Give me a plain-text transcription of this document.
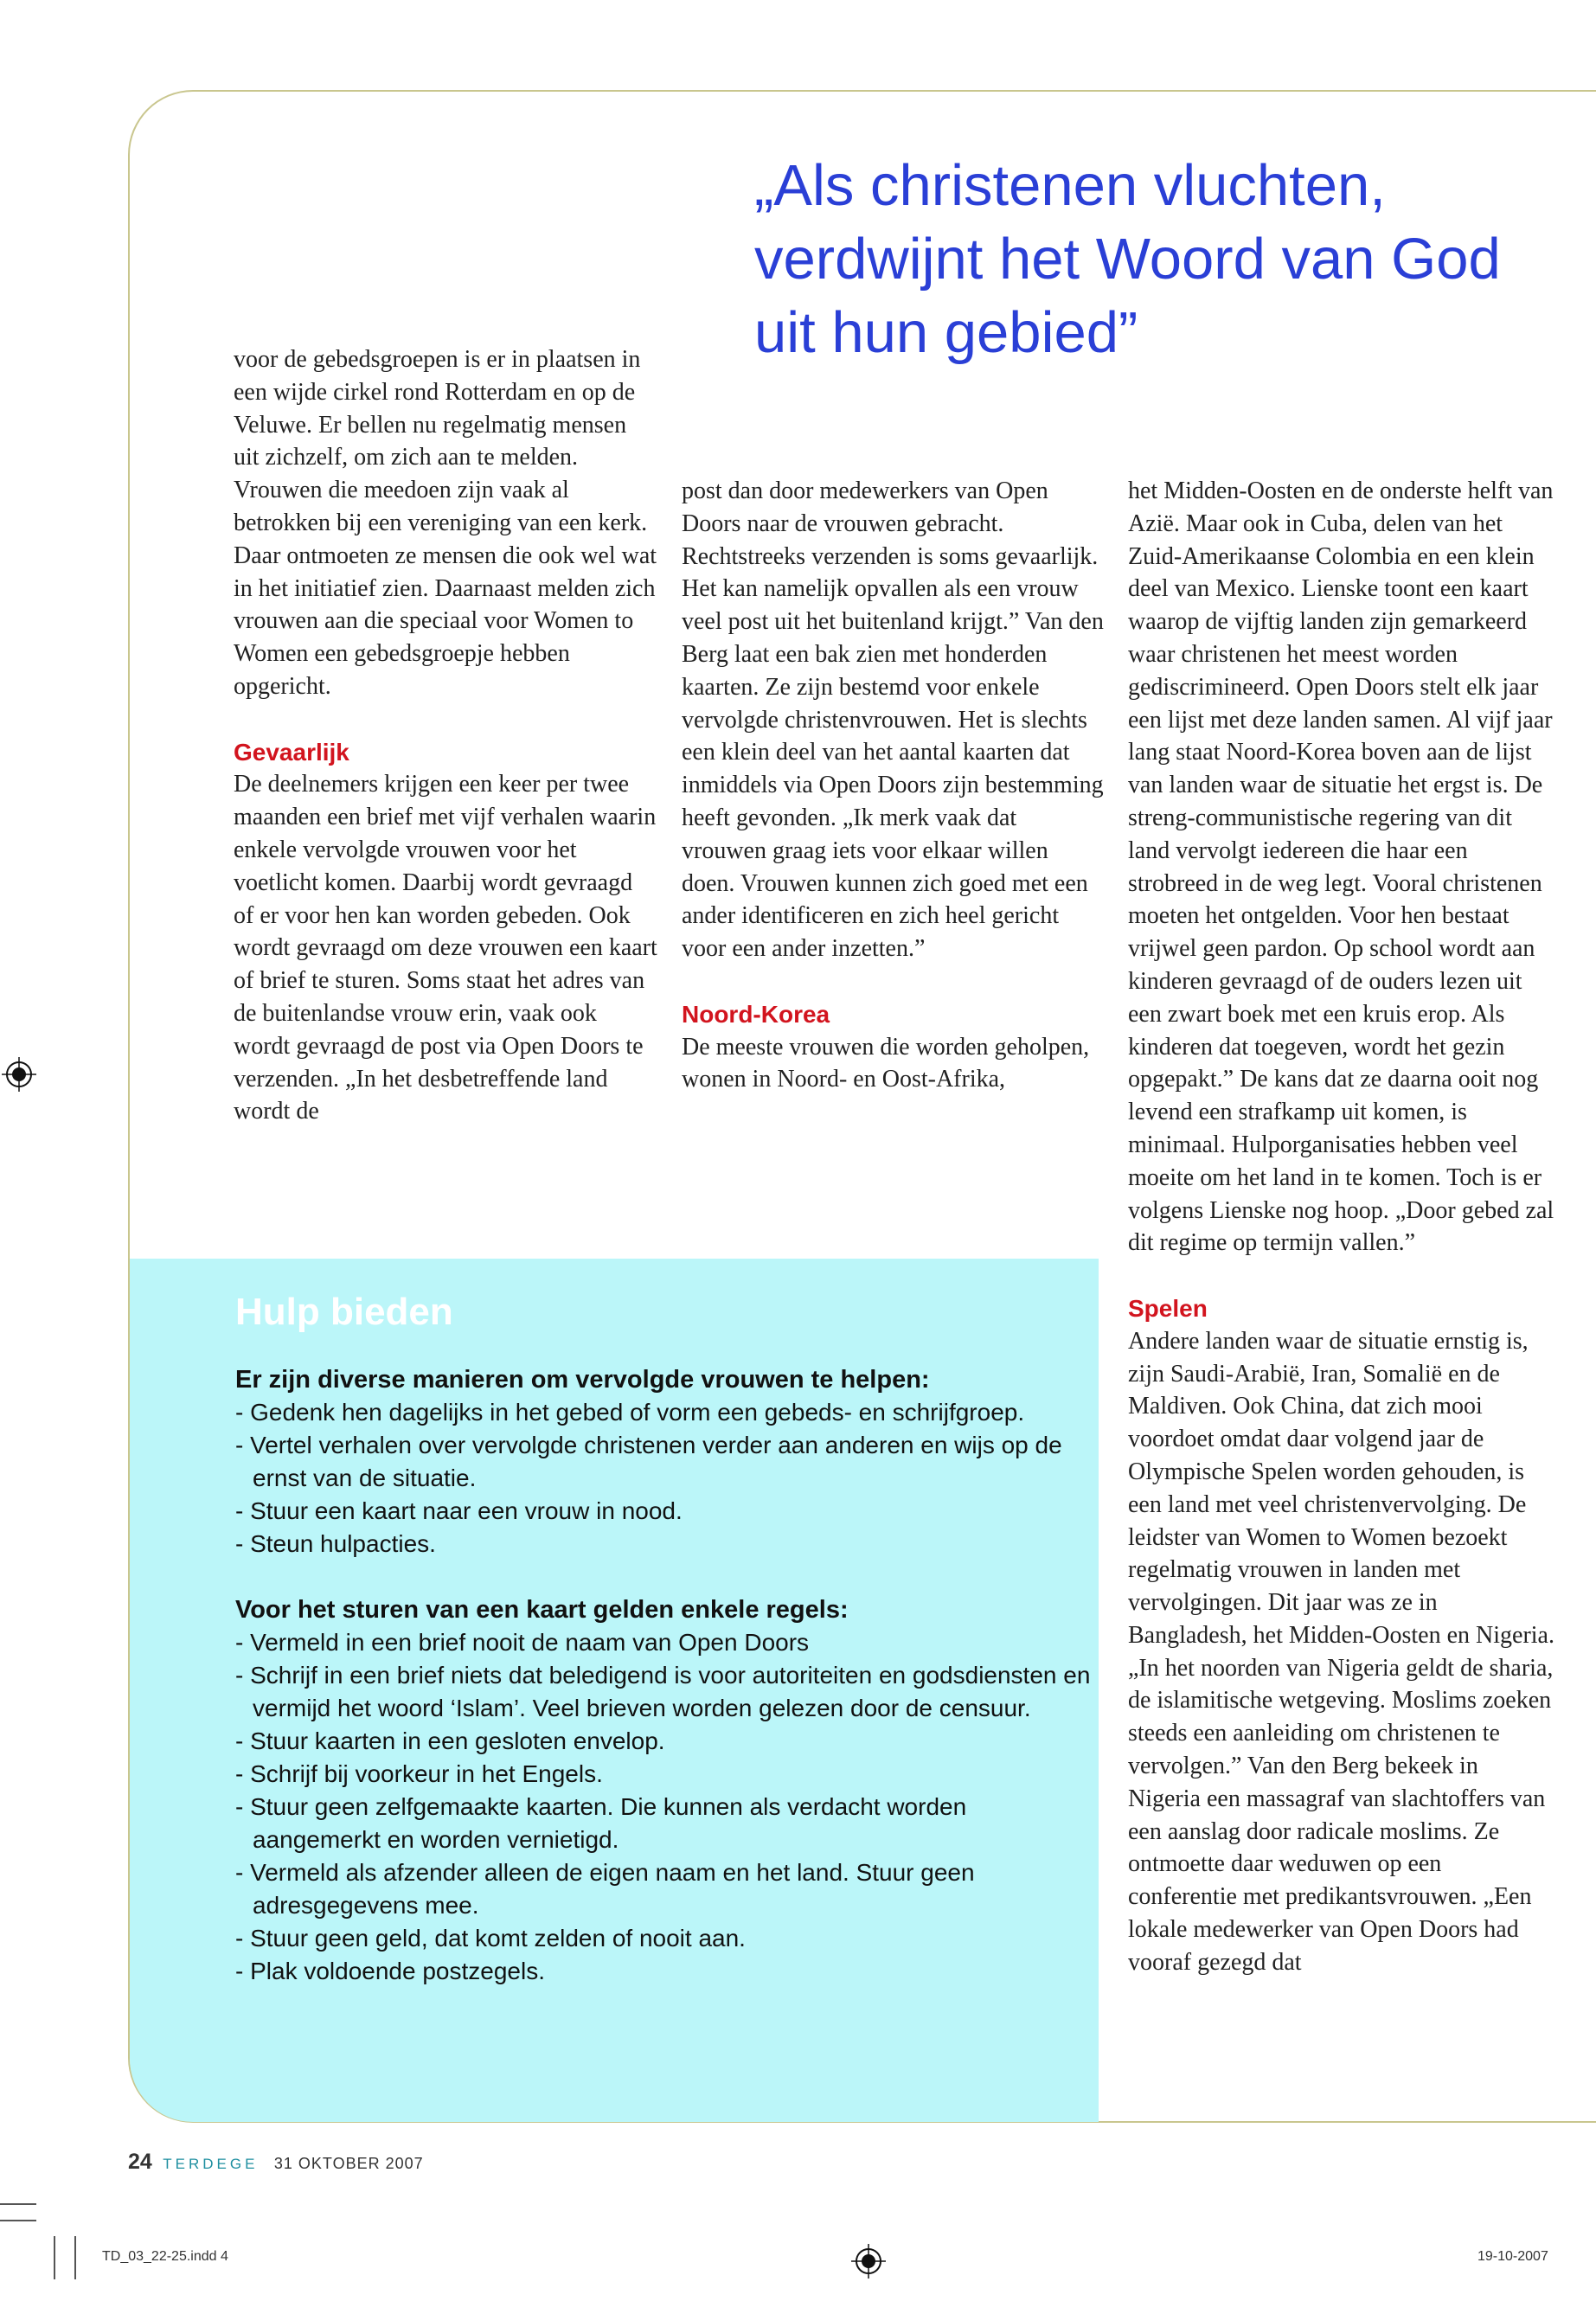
„Als christenen vluchten,
verdwijnt het Woord van God
uit hun gebied”

voor de gebedsgroepen is er in plaatsen in een wijde cirkel rond Rotterdam en op de Veluwe. Er bellen nu regelmatig mensen uit zichzelf, om zich aan te melden. Vrouwen die meedoen zijn vaak al betrokken bij een vereniging van een kerk. Daar ontmoeten ze mensen die ook wel wat in het initiatief zien. Daarnaast melden zich vrouwen aan die speciaal voor Women to Women een gebedsgroepje hebben opgericht.

Gevaarlijk

De deelnemers krijgen een keer per twee maanden een brief met vijf verhalen waarin enkele vervolgde vrouwen voor het voetlicht komen. Daarbij wordt gevraagd of er voor hen kan worden gebeden. Ook wordt gevraagd om deze vrouwen een kaart of brief te sturen. Soms staat het adres van de buitenlandse vrouw erin, vaak ook wordt gevraagd de post via Open Doors te verzenden. „In het desbetreffende land wordt de

post dan door medewerkers van Open Doors naar de vrouwen gebracht. Rechtstreeks verzenden is soms gevaarlijk. Het kan namelijk opvallen als een vrouw veel post uit het buitenland krijgt.” Van den Berg laat een bak zien met honderden kaarten. Ze zijn bestemd voor enkele vervolgde christenvrouwen. Het is slechts een klein deel van het aantal kaarten dat inmiddels via Open Doors zijn bestemming heeft gevonden. „Ik merk vaak dat vrouwen graag iets voor elkaar willen doen. Vrouwen kunnen zich goed met een ander identificeren en zich heel gericht voor een ander inzetten.”

Noord-Korea

De meeste vrouwen die worden geholpen, wonen in Noord- en Oost-Afrika,

het Midden-Oosten en de onderste helft van Azië. Maar ook in Cuba, delen van het Zuid-Amerikaanse Colombia en een klein deel van Mexico. Lienske toont een kaart waarop de vijftig landen zijn gemarkeerd waar christenen het meest worden gediscrimineerd. Open Doors stelt elk jaar een lijst met deze landen samen. Al vijf jaar lang staat Noord-Korea boven aan de lijst van landen waar de situatie het ergst is. De streng-communistische regering van dit land vervolgt iedereen die haar een strobreed in de weg legt. Vooral christenen moeten het ontgelden. Voor hen bestaat vrijwel geen pardon. Op school wordt aan kinderen gevraagd of de ouders lezen uit een zwart boek met een kruis erop. Als kinderen dat toegeven, wordt het gezin opgepakt.” De kans dat ze daarna ooit nog levend een strafkamp uit komen, is minimaal. Hulporganisaties hebben veel moeite om het land in te komen. Toch is er volgens Lienske nog hoop. „Door gebed zal dit regime op termijn vallen.”

Spelen

Andere landen waar de situatie ernstig is, zijn Saudi-Arabië, Iran, Somalië en de Maldiven. Ook China, dat zich mooi voordoet omdat daar volgend jaar de Olympische Spelen worden gehouden, is een land met veel christenvervolging. De leidster van Women to Women bezoekt regelmatig vrouwen in landen met vervolgingen. Dit jaar was ze in Bangladesh, het Midden-Oosten en Nigeria. „In het noorden van Nigeria geldt de sharia, de islamitische wetgeving. Moslims zoeken steeds een aanleiding om christenen te vervolgen.” Van den Berg bekeek in Nigeria een massagraf van slachtoffers van een aanslag door radicale moslims. Ze ontmoette daar weduwen op een conferentie met predikantsvrouwen. „Een lokale medewerker van Open Doors had vooraf gezegd dat

Hulp bieden
Er zijn diverse manieren om vervolgde vrouwen te helpen:
- Gedenk hen dagelijks in het gebed of vorm een gebeds- en schrijfgroep.
- Vertel verhalen over vervolgde christenen verder aan anderen en wijs op de ernst van de situatie.
- Stuur een kaart naar een vrouw in nood.
- Steun hulpacties.
Voor het sturen van een kaart gelden enkele regels:
- Vermeld in een brief nooit de naam van Open Doors
- Schrijf in een brief niets dat beledigend is voor autoriteiten en godsdiensten en vermijd het woord ‘Islam’. Veel brieven worden gelezen door de censuur.
- Stuur kaarten in een gesloten envelop.
- Schrijf bij voorkeur in het Engels.
- Stuur geen zelfgemaakte kaarten. Die kunnen als verdacht worden aangemerkt en worden vernietigd.
- Vermeld als afzender alleen de eigen naam en het land. Stuur geen adresgegevens mee.
- Stuur geen geld, dat komt zelden of nooit aan.
- Plak voldoende postzegels.
24 TERDEGE 31 OKTOBER 2007
TD_03_22-25.indd 4	19-10-2007
